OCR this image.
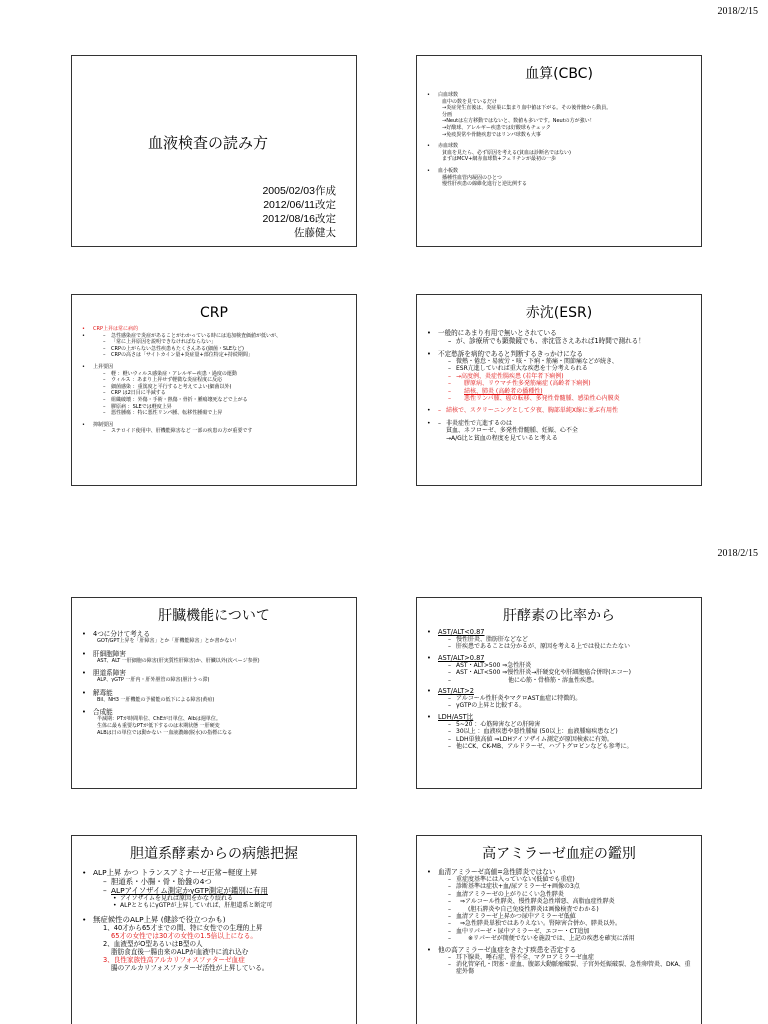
2018/2/15
2018/2/15
血液検査の読み方
2005/02/03作成
2012/06/11改定
2012/08/16改定
佐藤健太
血算(CBC)
• 白血球数
血中の数を見ているだけ
→炎症発生直後は、炎症巣に集まり血中値は下がる。その後骨髄から動員。
分画
→Neutは左方移動ではないと、数値も多いです。Neutの方が強い！
→好酸球、アレルギー疾患では好酸球もチェック
→免疫異常や骨髄疾患ではリンパ球数も大事
• 赤血球数
貧血を見たら、必ず原因を考える(貧血は診断名ではない)
まずはMCV+網赤血球数+フェリチンが最初の一歩
• 血小板数
播種性血管内凝固のひとつ
慢性肝疾患の線維化進行と逆比例する
CRP
• CRP上昇は常に病的
– • 急性感染症で炎症があることがわかっている時には追加検査価値が低いが、
– 「常に上昇原因を説明できなければならない」
– CRPの上がらない急性疾患もたくさんある(細菌・SLEなど)
– CRPの高さは「サイトカイン量+炎症量+部位特定+持続期間」
• 上昇要因
– 軽 ：軽いウィルス感染症・アレルギー疾患・過度の運動
– ウィルス ：あまり上昇せず軽微な炎症程度に反応
– 細菌感染 ：重篤度と平行すると考えてよい(細菌以外)
– CRP は2日目に半減する
– 組織破壊 ：外傷・手術・熱傷・骨折・腫瘍壊死などで上がる
– 膠原病 ：SLEでは軽度上昇
– 悪性腫瘍 ：特に悪性リンパ腫、転移性腫瘍で上昇
• 抑制要因
– ステロイド使用中、肝機能障害など 一部の疾患の方が重要です
赤沈(ESR)
• 一般的にあまり有用で無いとされている
– が、診療所でも顕微鏡でも、赤沈管さえあれば1時間で測れる！
• 不定愁訴を病的であると判断するきっかけになる
– 微熱・倦怠・易疲労・咳・下痢・筋痛・関節痛などが続き、
– ESR亢進していれば重大な疾患を十分考えられる
– →高度例、炎症性腸疾患 (若年者下痢例)
– 膠原病、リウマチ性多発筋痛症 (高齢者下痢例)
– 結核、肺炎 (高齢者の播種性)
– 悪性リンパ腫、癌の転移、多発性骨髄腫、感染性心内膜炎
– • 結核で、スクリーニングとして夕夜、胸部単純X線に並ぶ有用性
– • 非炎症性で亢進するのは
貧血、ネフローゼ、多発性骨髄腫、妊娠、心不全
→A/G比と貧血の程度を見ていると考える
肝臓機能について
• 4つに分けて考える
GOT/GPT上昇を「肝障害」とか「肝機能障害」とか書かない！
• 肝細胞障害
AST、ALT 一肝細胞の障害(肝実質性肝障害)か、肝臓以外(次ページ参照)
• 胆道系障害
ALP、γGTP 一肝内・肝外胆管の障害(胆汁うっ滞)
• 解毒能
Bil、NH3 一肝機能の予備能の低下による障害(黄疸)
• 合成能
半減期：PTが時間単位、ChEが日単位、Albは週単位。
生体に最も重要なPTが低下するのは末期状態 一肝硬変
ALBは日の単位では動かない 一血液濃縮(脱水)の指標になる
肝酵素の比率から
• AST/ALT<0.87
– 慢性肝炎、脂肪肝などなど
– 肝疾患であることは分かるが、原因を考える上では役にたたない
• AST/ALT>0.87
– AST・ALT>500 ⇒急性肝炎
– AST・ALT<500 ⇒慢性肝炎→肝硬変化や肝細胞癌合併時(エコー)
– 他に心筋・骨格筋・溶血性疾患。
• AST/ALT>2
– アルコール性肝炎やマクロAST血症に特徴的。
– γGTPの上昇と比較する。
• LDH/AST比
– 5~20 ：心筋障害などの肝障害
– 30以上 ：血液疾患や悪性腫瘍 (50以上：血液腫瘍疾患など)
– LDH単独高値 ⇒LDHアイソザイム測定が原因検索に有効。
– 他にCK、CK-MB、アルドラーゼ、ハプトグロビンなども参考に。
胆道系酵素からの病態把握
• ALP上昇 かつ トランスアミナーゼ正常~軽度上昇
– 胆道系・小腸・骨・胎盤の4つ
– ALPアイソザイム測定かγGTP測定が鑑別に有用
• アイソザイムを見れば原因をかなり絞れる
• ALPとともにγGTPが上昇していれば、肝胆道系と断定可
• 無症候性のALP上昇 (健診で役立つかも)
1、40才から65才までの間、特に女性での生理的上昇
65才の女性では30才の女性の1.5倍以上になる。
2、血液型がO型あるいはB型の人
脂肪食直後一腸由来のALPが血液中に流れ込む
3、良性家族性高アルカリフォスファターゼ血症
腸のアルカリフォスファターゼ活性が上昇している。
高アミラーゼ血症の鑑別
• 血清アミラーゼ高値=急性膵炎ではない
– 重症度基準には入っていない(低値でも重症)
– 診断基準は症状+血/尿アミラーゼ+画像の3点
– 血清アミラーゼの上がりにくい急性膵炎
– ⇒アルコール性膵炎、慢性膵炎急性増悪、高脂血症性膵炎
– (胆石膵炎や自己免疫性膵炎は画像検査でわかる)
– 血清アミラーゼ上昇かつ尿中アミラーゼ低値
– ⇒急性膵炎単独ではありえない。腎障害合併か、膵炎以外。
– 血中リパーゼ・尿中アミラーゼ、エコー・CT追加
– ※リパーゼが簡便でないを施設では、上記の疾患を確実に活用
• 他の高アミラーゼ血症をきたす疾患を否定する
– 耳下腺炎、唾石症、腎不全、マクロアミラーゼ血症
– 消化管穿孔・閉塞・虚血、腹部大動脈瘤破裂、子宮外妊娠破裂、急性卵管炎、DKA、重症外傷
